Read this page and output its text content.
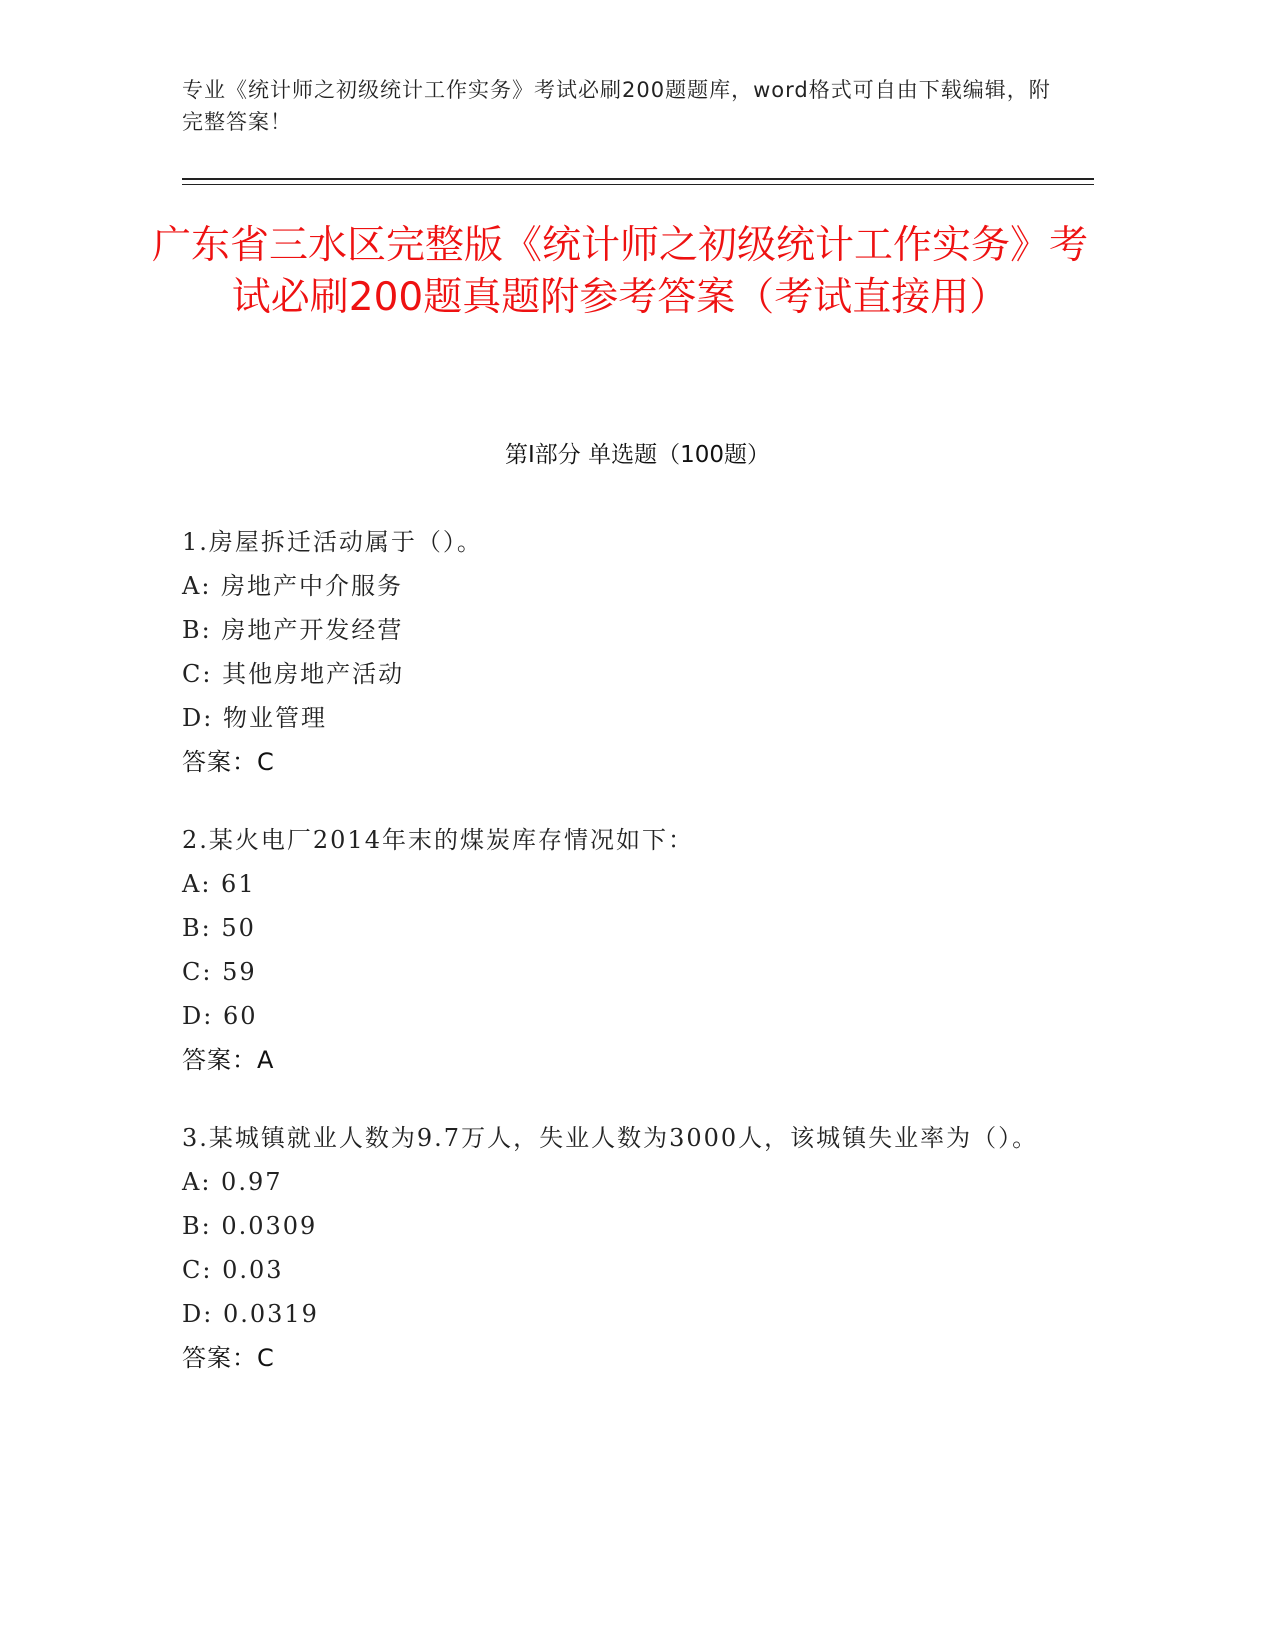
专业《统计师之初级统计工作实务》考试必刷200题题库，word格式可自由下载编辑，附完整答案！
广东省三水区完整版《统计师之初级统计工作实务》考试必刷200题真题附参考答案（考试直接用）
第Ⅰ部分 单选题（100题）
1.房屋拆迁活动属于（）。
A: 房地产中介服务
B: 房地产开发经营
C: 其他房地产活动
D: 物业管理
答案：C
2.某火电厂2014年末的煤炭库存情况如下：
A: 61
B: 50
C: 59
D: 60
答案：A
3.某城镇就业人数为9.7万人，失业人数为3000人，该城镇失业率为（）。
A: 0.97
B: 0.0309
C: 0.03
D: 0.0319
答案：C
